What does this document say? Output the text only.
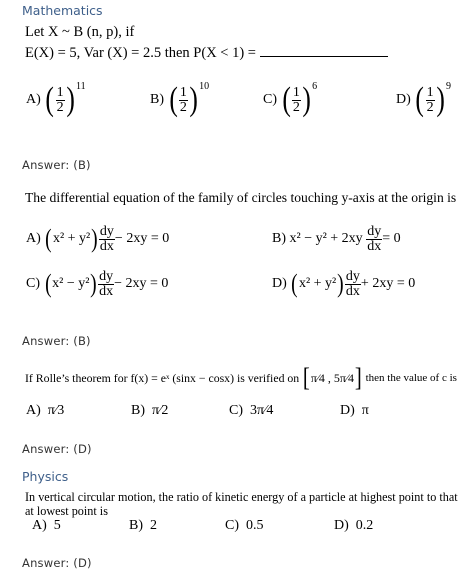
Mathematics
Let X ~ B (n, p), if
E(X) = 5, Var (X) = 2.5 then P(X < 1) =
A)
( $\frac{1}{2}$ ) 11
B)
( $\frac{1}{2}$ ) 10
C)
( $\frac{1}{2}$ ) 6
D)
( $\frac{1}{2}$ ) 9
Answer: (B)
The differential equation of the family of circles touching y-axis at the origin is
A)
( x² + y² ) $\frac{dy}{dx} - 2xy = 0$	B)
x² − y² + 2xy
$\frac{dy}{dx} = 0$
C)
( x² − y² ) $\frac{dy}{dx} - 2xy = 0$	D)
( x² + y² ) $\frac{dy}{dx} + 2xy = 0$
Answer: (B)
If Rolle’s theorem for f(x) = eˣ (sinx − cosx) is verified on
[ π⁄4 , 5π⁄4 ]
then the value of c is
A) π⁄3	B) π⁄2	C) 3π⁄4	D) π
Answer: (D)
Physics
In vertical circular motion, the ratio of kinetic energy of a particle at highest point to that at lowest point is
A) 5	B) 2	C) 0.5	D) 0.2
Answer: (D)
